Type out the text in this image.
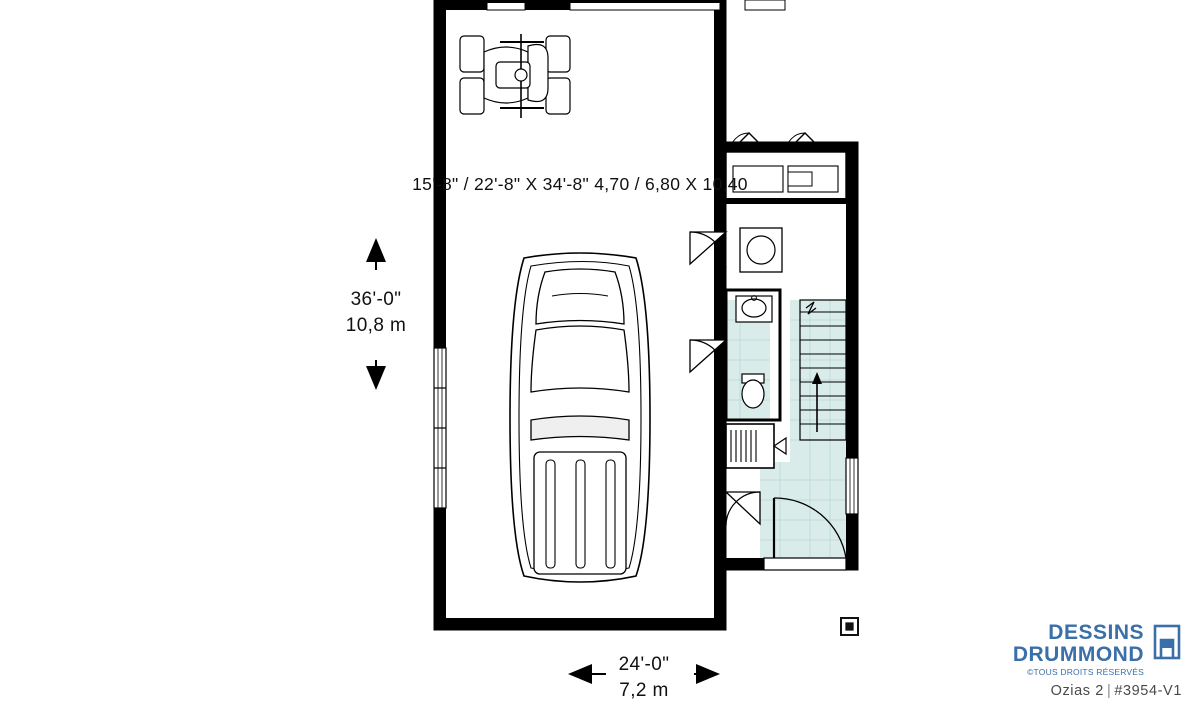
15'-8" / 22'-8" X 34'-8" 4,70 / 6,80 X 10,40
36'-0"
10,8 m
24'-0"
7,2 m
DESSINS
DRUMMOND
©TOUS DROITS RÉSERVÉS
Ozias 2 | #3954-V1
